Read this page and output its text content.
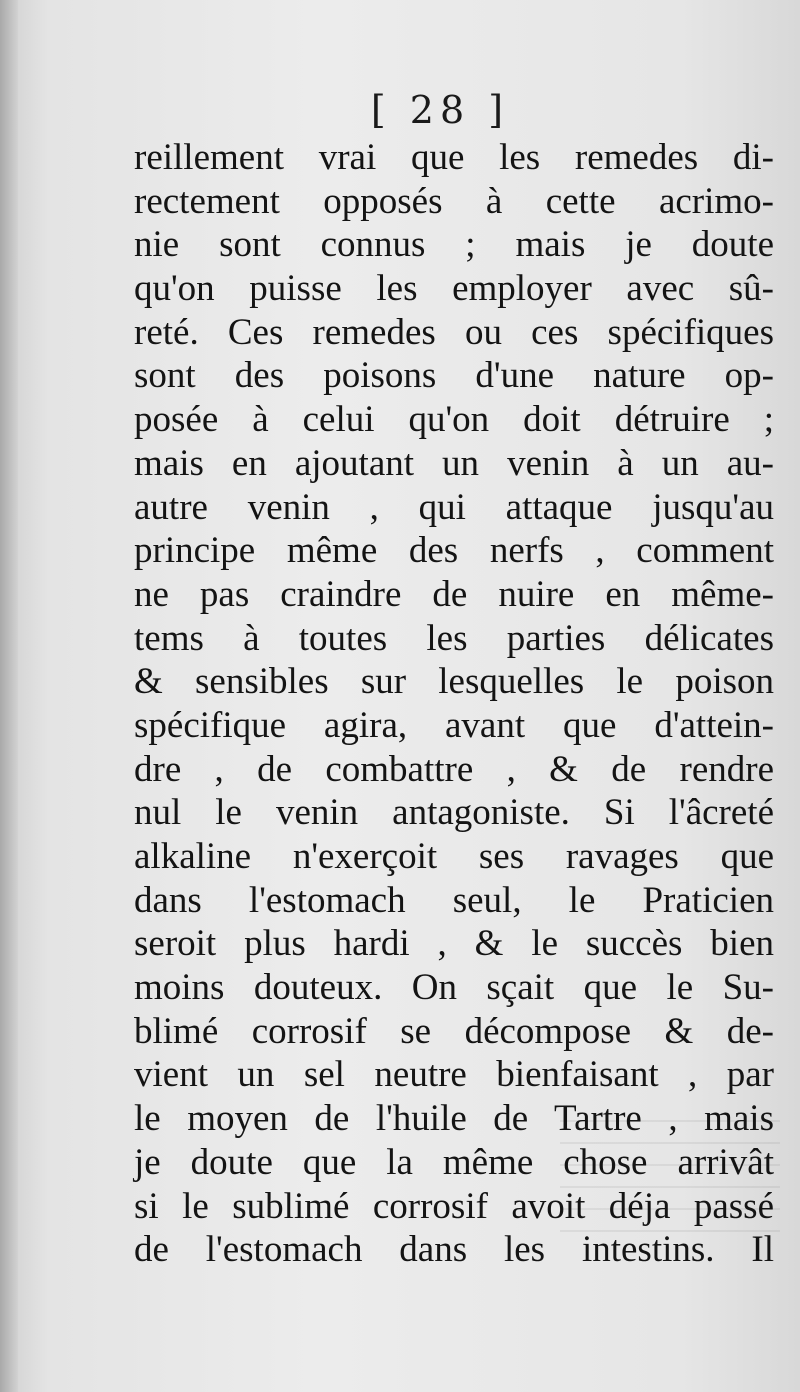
[ 28 ]
reillement vrai que les remedes di-
rectement opposés à cette acrimo-
nie sont connus ; mais je doute
qu'on puisse les employer avec sû-
reté. Ces remedes ou ces spécifiques
sont des poisons d'une nature op-
posée à celui qu'on doit détruire ;
mais en ajoutant un venin à un au-
autre venin , qui attaque jusqu'au
principe même des nerfs , comment
ne pas craindre de nuire en même-
tems à toutes les parties délicates
& sensibles sur lesquelles le poison
spécifique agira, avant que d'attein-
dre , de combattre , & de rendre
nul le venin antagoniste. Si l'âcreté
alkaline n'exerçoit ses ravages que
dans l'estomach seul, le Praticien
seroit plus hardi , & le succès bien
moins douteux. On sçait que le Su-
blimé corrosif se décompose & de-
vient un sel neutre bienfaisant , par
le moyen de l'huile de Tartre , mais
je doute que la même chose arrivât
si le sublimé corrosif avoit déja passé
de l'estomach dans les intestins. Il
